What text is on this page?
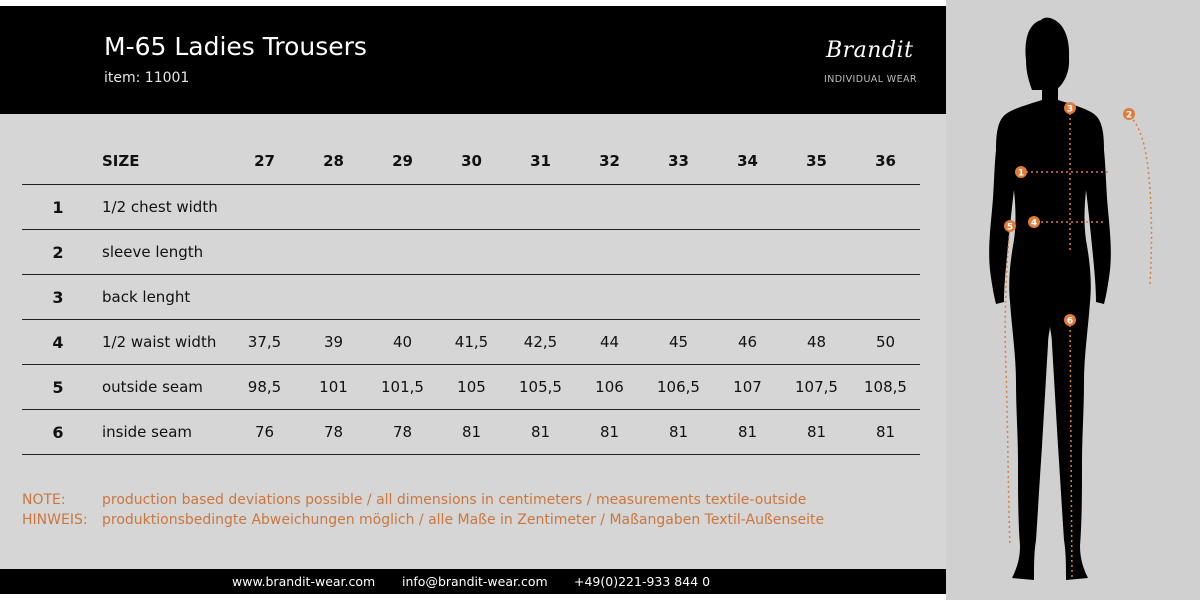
M-65 Ladies Trousers
item: 11001
Brandit
INDIVIDUAL WEAR
	SIZE	27	28	29	30	31	32	33	34	35	36
1	1/2 chest width										
2	sleeve length										
3	back lenght										
4	1/2 waist width	37,5	39	40	41,5	42,5	44	45	46	48	50
5	outside seam	98,5	101	101,5	105	105,5	106	106,5	107	107,5	108,5
6	inside seam	76	78	78	81	81	81	81	81	81	81
NOTE:	production based deviations possible / all dimensions in centimeters / measurements textile-outside
HINWEIS: produktionsbedingte Abweichungen möglich / alle Maße in Zentimeter / Maßangaben Textil-Außenseite
www.brandit-wear.com info@brandit-wear.com +49(0)221-933 844 0
1
2
3
4
5
6
